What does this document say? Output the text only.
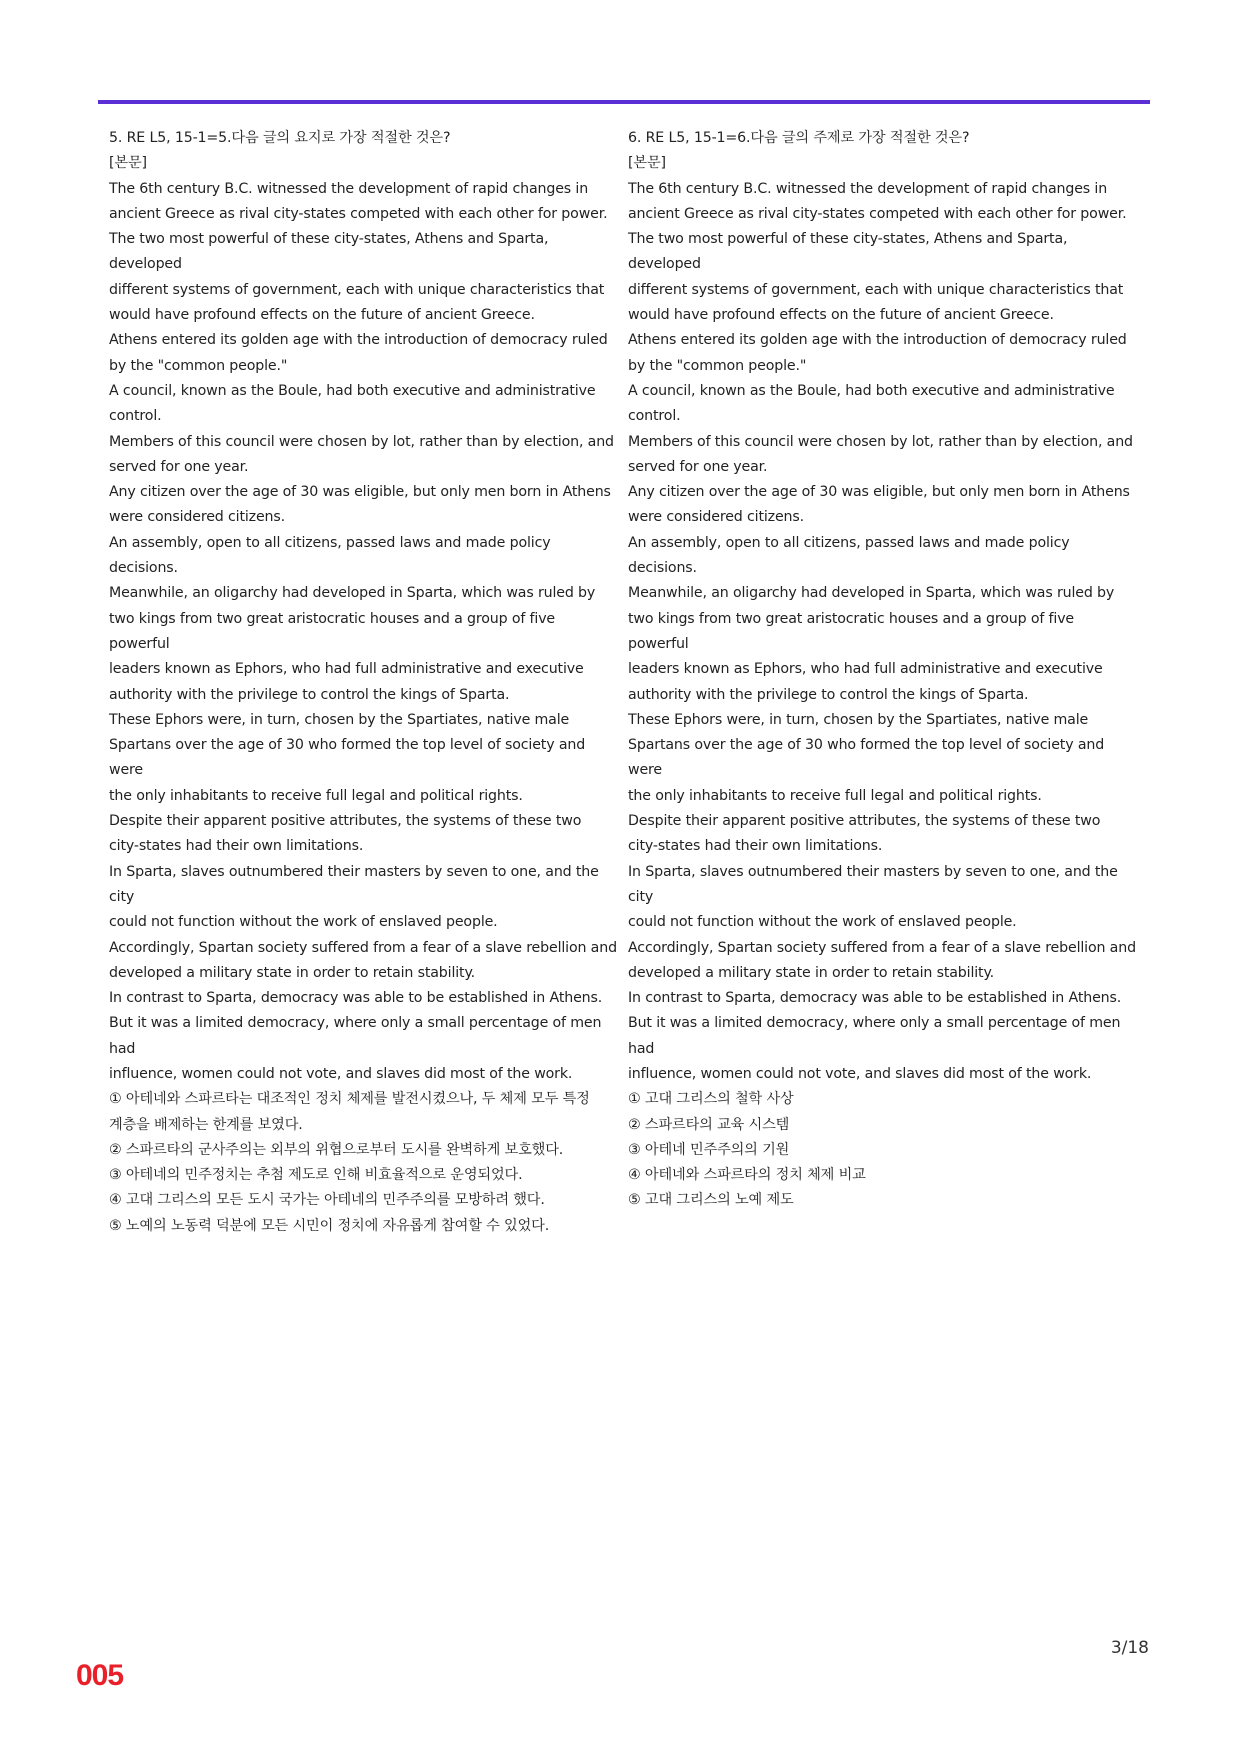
5. RE L5, 15-1=5.다음 글의 요지로 가장 적절한 것은?
[본문]
The 6th century B.C. witnessed the development of rapid changes in
ancient Greece as rival city-states competed with each other for power.
The two most powerful of these city-states, Athens and Sparta, developed
different systems of government, each with unique characteristics that
would have profound effects on the future of ancient Greece.
Athens entered its golden age with the introduction of democracy ruled
by the "common people."
A council, known as the Boule, had both executive and administrative
control.
Members of this council were chosen by lot, rather than by election, and
served for one year.
Any citizen over the age of 30 was eligible, but only men born in Athens
were considered citizens.
An assembly, open to all citizens, passed laws and made policy decisions.
Meanwhile, an oligarchy had developed in Sparta, which was ruled by
two kings from two great aristocratic houses and a group of five powerful
leaders known as Ephors, who had full administrative and executive
authority with the privilege to control the kings of Sparta.
These Ephors were, in turn, chosen by the Spartiates, native male
Spartans over the age of 30 who formed the top level of society and were
the only inhabitants to receive full legal and political rights.
Despite their apparent positive attributes, the systems of these two
city-states had their own limitations.
In Sparta, slaves outnumbered their masters by seven to one, and the city
could not function without the work of enslaved people.
Accordingly, Spartan society suffered from a fear of a slave rebellion and
developed a military state in order to retain stability.
In contrast to Sparta, democracy was able to be established in Athens.
But it was a limited democracy, where only a small percentage of men had
influence, women could not vote, and slaves did most of the work.
① 아테네와 스파르타는 대조적인 정치 체제를 발전시켰으나, 두 체제 모두 특정
계층을 배제하는 한계를 보였다.
② 스파르타의 군사주의는 외부의 위협으로부터 도시를 완벽하게 보호했다.
③ 아테네의 민주정치는 추첨 제도로 인해 비효율적으로 운영되었다.
④ 고대 그리스의 모든 도시 국가는 아테네의 민주주의를 모방하려 했다.
⑤ 노예의 노동력 덕분에 모든 시민이 정치에 자유롭게 참여할 수 있었다.
6. RE L5, 15-1=6.다음 글의 주제로 가장 적절한 것은?
[본문]
The 6th century B.C. witnessed the development of rapid changes in
ancient Greece as rival city-states competed with each other for power.
The two most powerful of these city-states, Athens and Sparta, developed
different systems of government, each with unique characteristics that
would have profound effects on the future of ancient Greece.
Athens entered its golden age with the introduction of democracy ruled
by the "common people."
A council, known as the Boule, had both executive and administrative
control.
Members of this council were chosen by lot, rather than by election, and
served for one year.
Any citizen over the age of 30 was eligible, but only men born in Athens
were considered citizens.
An assembly, open to all citizens, passed laws and made policy decisions.
Meanwhile, an oligarchy had developed in Sparta, which was ruled by
two kings from two great aristocratic houses and a group of five powerful
leaders known as Ephors, who had full administrative and executive
authority with the privilege to control the kings of Sparta.
These Ephors were, in turn, chosen by the Spartiates, native male
Spartans over the age of 30 who formed the top level of society and were
the only inhabitants to receive full legal and political rights.
Despite their apparent positive attributes, the systems of these two
city-states had their own limitations.
In Sparta, slaves outnumbered their masters by seven to one, and the city
could not function without the work of enslaved people.
Accordingly, Spartan society suffered from a fear of a slave rebellion and
developed a military state in order to retain stability.
In contrast to Sparta, democracy was able to be established in Athens.
But it was a limited democracy, where only a small percentage of men had
influence, women could not vote, and slaves did most of the work.
① 고대 그리스의 철학 사상
② 스파르타의 교육 시스템
③ 아테네 민주주의의 기원
④ 아테네와 스파르타의 정치 체제 비교
⑤ 고대 그리스의 노예 제도
3/18
005
